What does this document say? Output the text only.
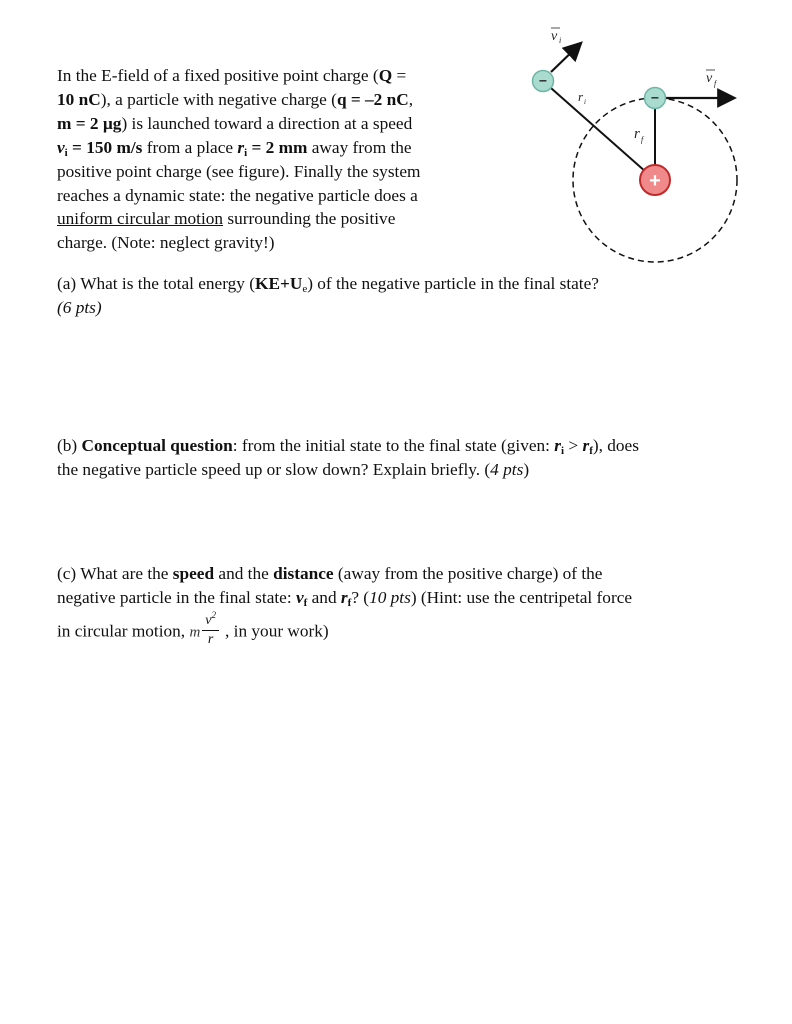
In the E-field of a fixed positive point charge (Q =
10 nC), a particle with negative charge (q = –2 nC,
m = 2 µg) is launched toward a direction at a speed
$v_i = 150$ m/s from a place $r_i = 2$ mm away from the
positive point charge (see figure). Finally the system
reaches a dynamic state: the negative particle does a
uniform circular motion surrounding the positive
charge. (Note: neglect gravity!)
(a) What is the total energy $(KE+U_e)$ of the negative particle in the final state?
(6 pts)
(b) Conceptual question: from the initial state to the final state (given: $r_i > r_f$), does
the negative particle speed up or slow down? Explain briefly. (4 pts)
(c) What are the speed and the distance (away from the positive charge) of the
negative particle in the final state: $v_f$ and $r_f$? (10 pts) (Hint: use the centripetal force
in circular motion, m $\frac{v^2}{r}$ , in your work)
−
−
+
v i
v f
r i
r f
